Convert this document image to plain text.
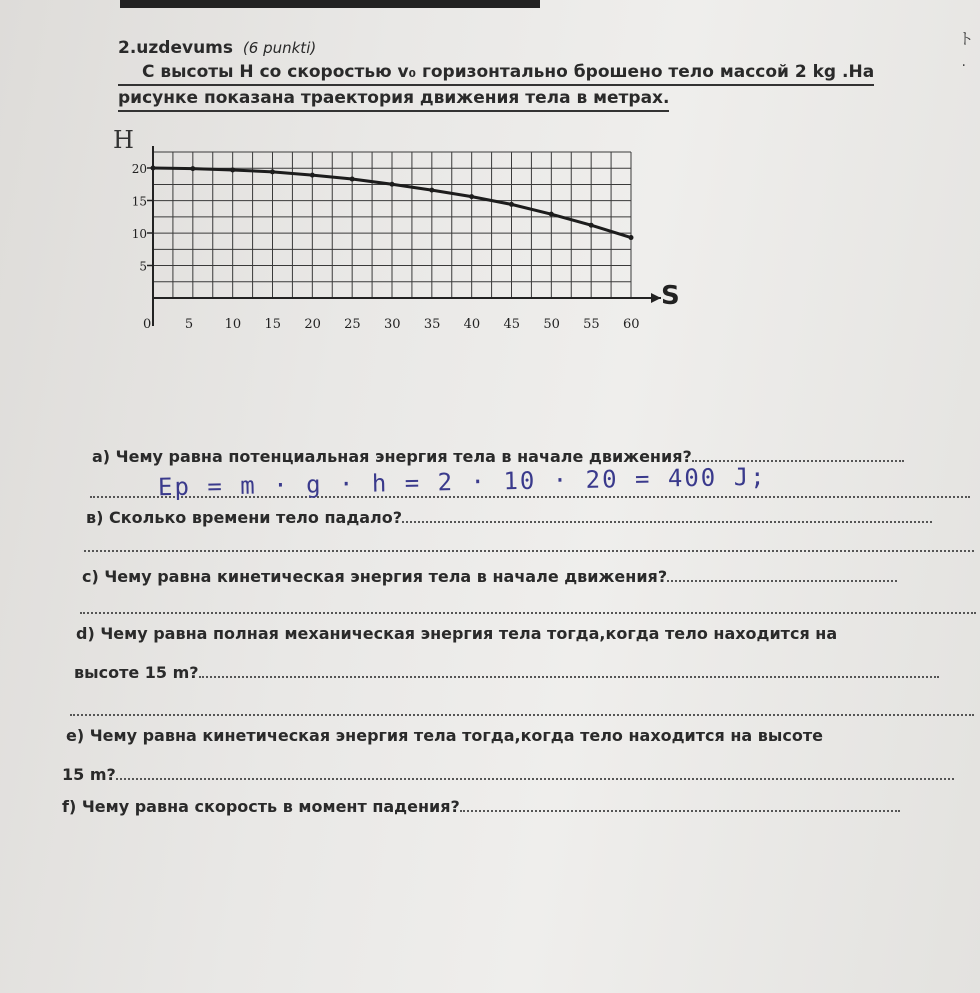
ト
·
2.uzdevums (6 punkti)
С высоты H со скоростью v₀ горизонтально брошено тело массой 2 kg .На
рисунке показана траектория движения тела в метрах.
0	5 10 15 20 25 30 35 40 45 50 55 60
5
10
15
20
H
S
а) Чему равна потенциальная энергия тела в начале движения?
Ep = m · g · h = 2 · 10 · 20 = 400 J;
в) Сколько времени тело падало?
с) Чему равна кинетическая энергия тела в начале движения?
d) Чему равна полная механическая энергия тела тогда,когда тело находится на
высоте 15 m?
е) Чему равна кинетическая энергия тела тогда,когда тело находится на высоте
15 m?
f) Чему равна скорость в момент падения?
